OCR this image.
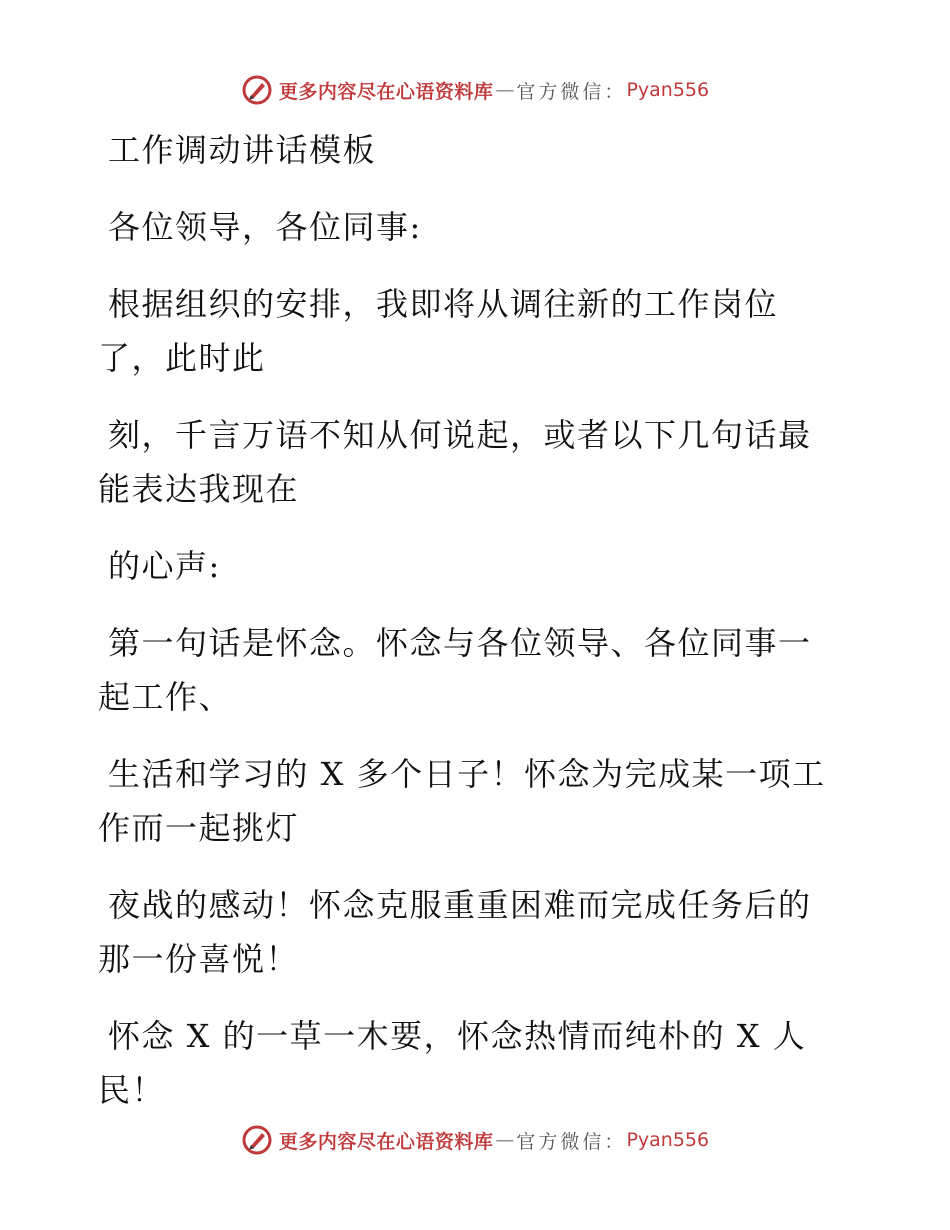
更多内容尽在心语资料库 — 官方微信： Pyan556

工作调动讲话模板

各位领导，各位同事:

根据组织的安排，我即将从调往新的工作岗位
了，此时此

刻，千言万语不知从何说起，或者以下几句话最
能表达我现在

的心声:

第一句话是怀念。怀念与各位领导、各位同事一
起工作、

生活和学习的 X 多个日子！怀念为完成某一项工
作而一起挑灯

夜战的感动！怀念克服重重困难而完成任务后的
那一份喜悦！

怀念 X 的一草一木要，怀念热情而纯朴的 X 人
民！

更多内容尽在心语资料库 — 官方微信： Pyan556
